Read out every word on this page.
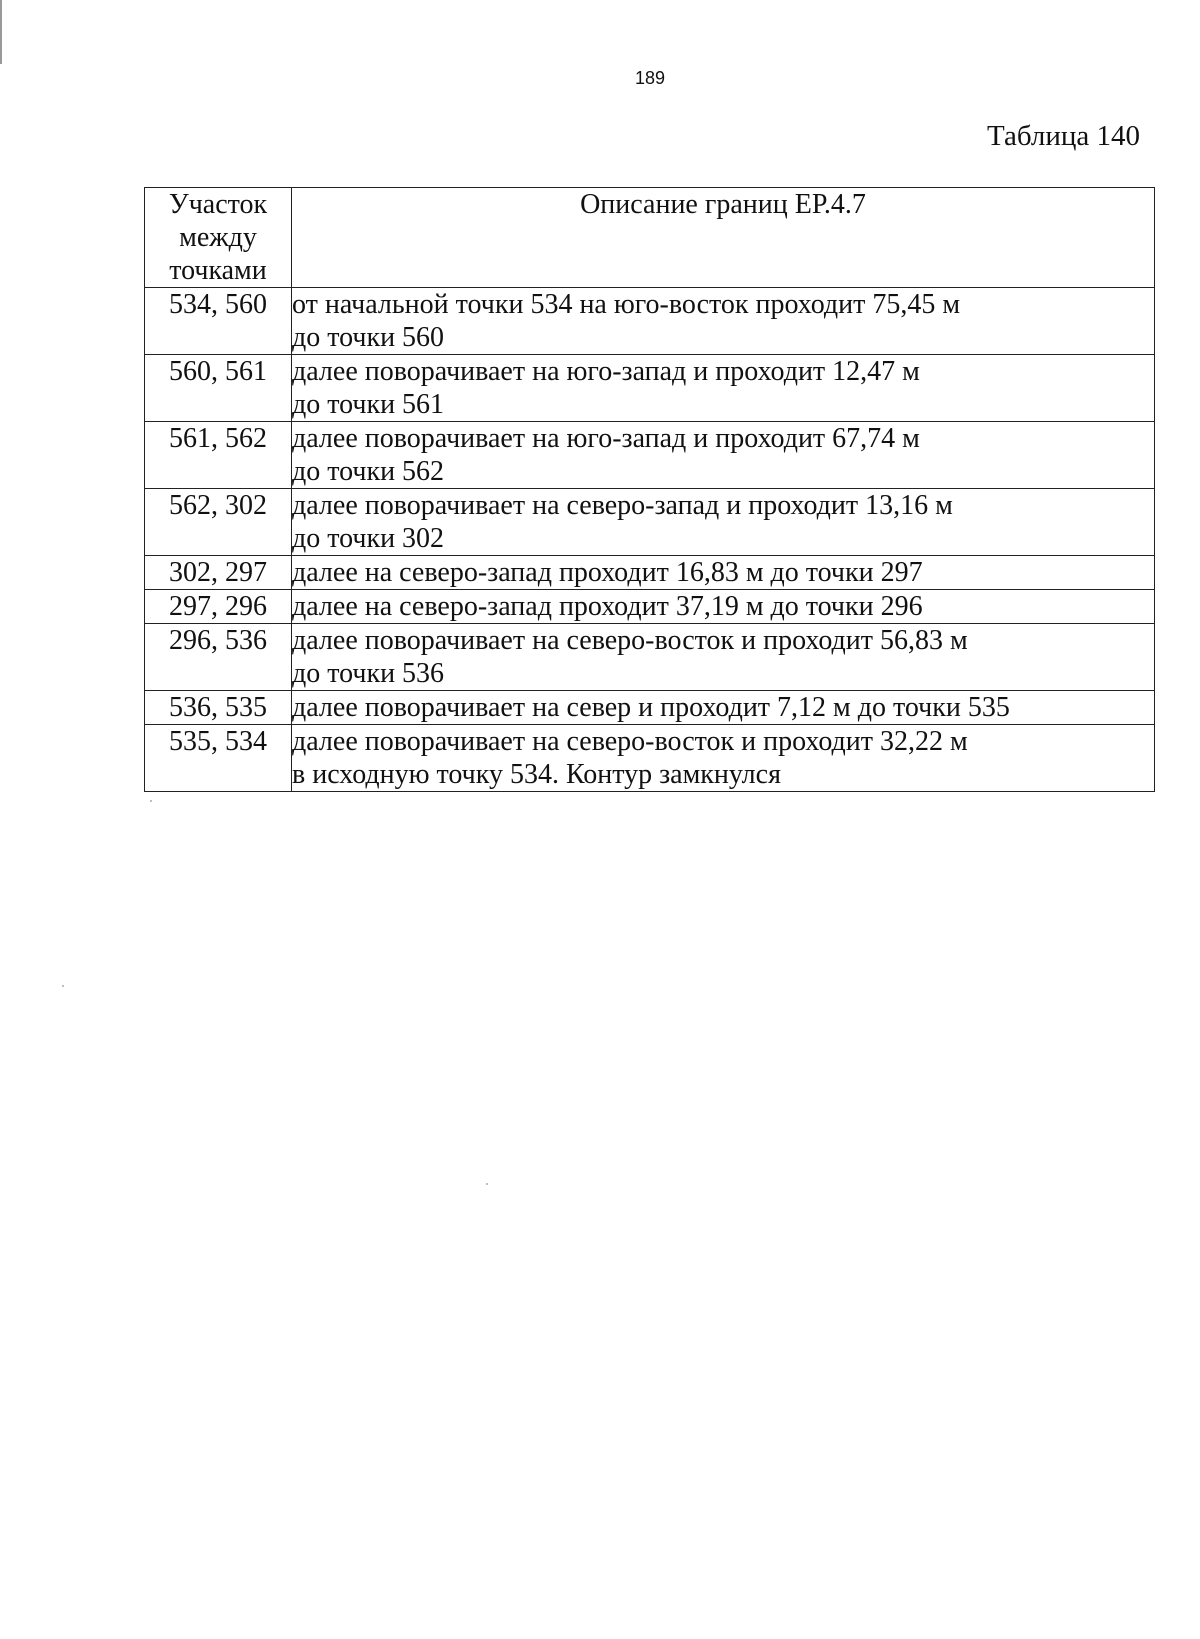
189
Таблица 140
Участок
между
точками	Описание границ ЕР.4.7
534, 560	от начальной точки 534 на юго-восток проходит 75,45 м
до точки 560

560, 561	далее поворачивает на юго-запад и проходит 12,47 м
до точки 561

561, 562	далее поворачивает на юго-запад и проходит 67,74 м
до точки 562

562, 302	далее поворачивает на северо-запад и проходит 13,16 м
до точки 302

302, 297	далее на северо-запад проходит 16,83 м до точки 297

297, 296	далее на северо-запад проходит 37,19 м до точки 296

296, 536	далее поворачивает на северо-восток и проходит 56,83 м
до точки 536

536, 535	далее поворачивает на север и проходит 7,12 м до точки 535

535, 534	далее поворачивает на северо-восток и проходит 32,22 м
в исходную точку 534. Контур замкнулся
